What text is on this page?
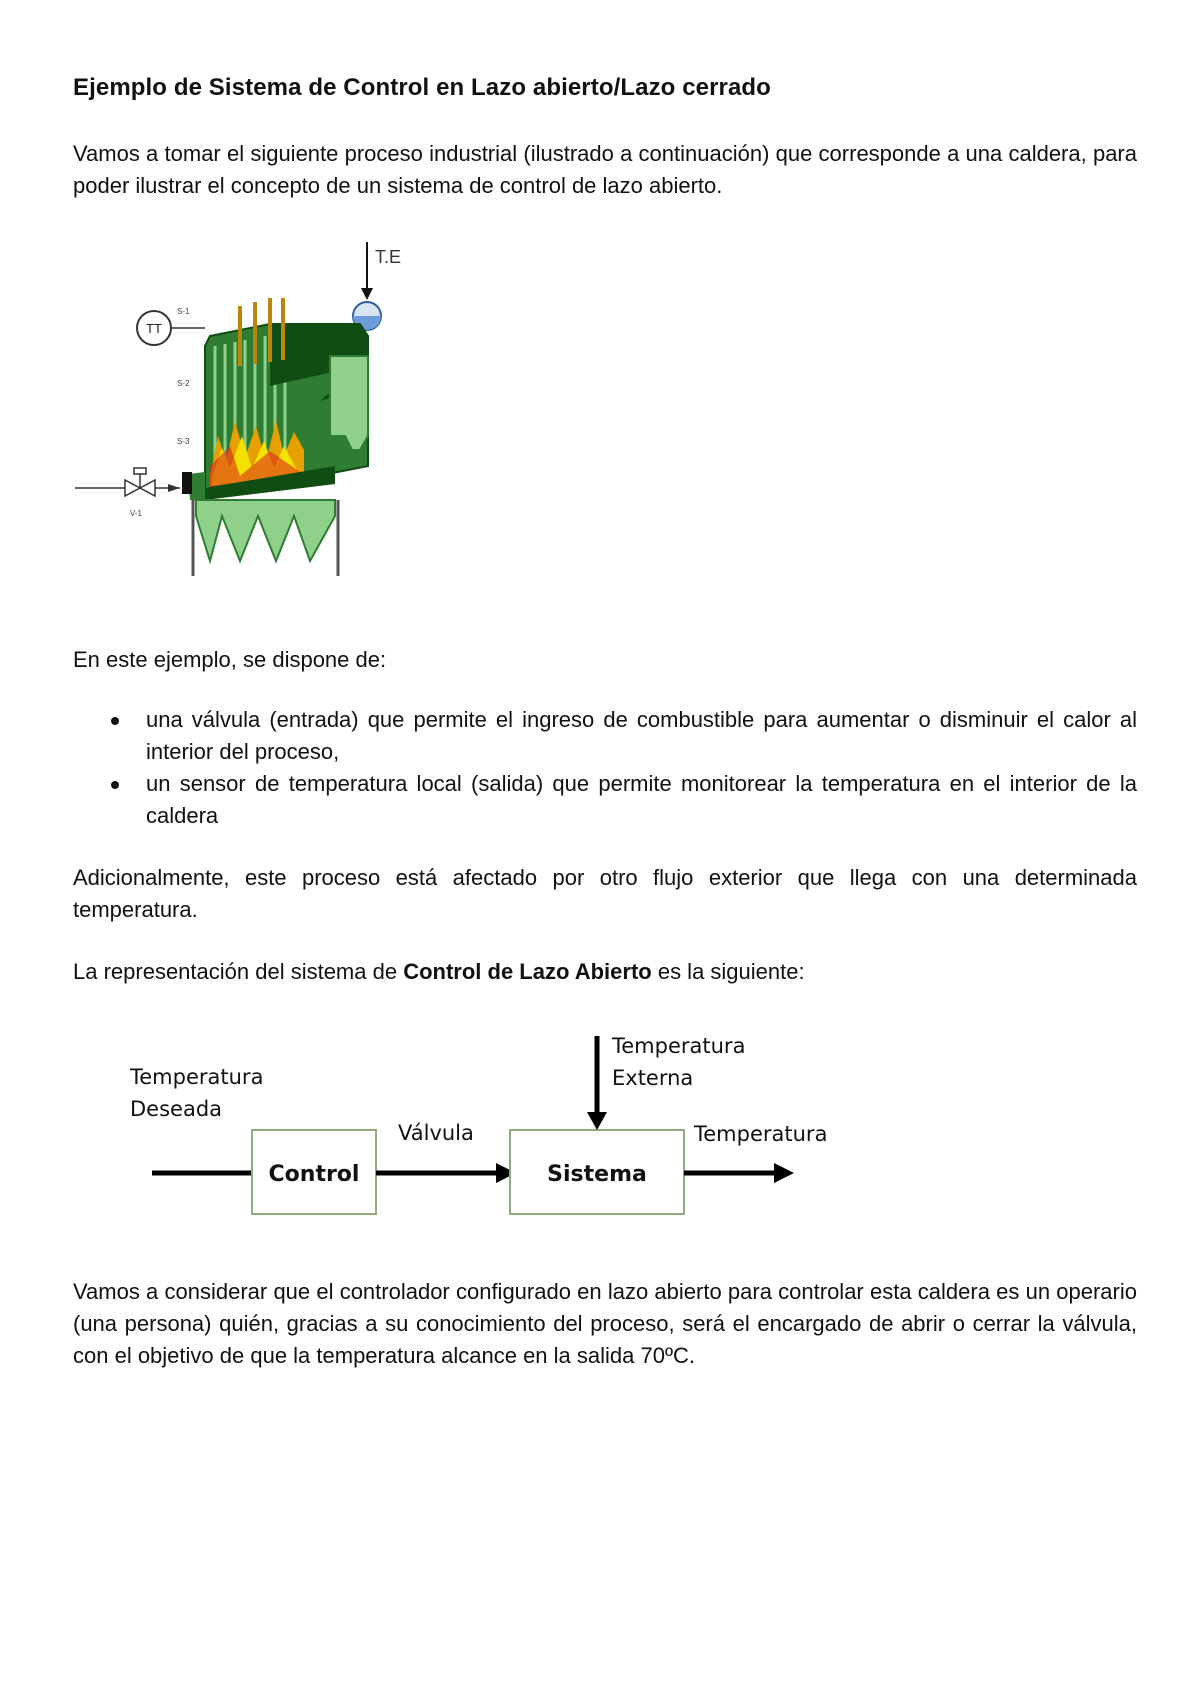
Ejemplo de Sistema de Control en Lazo abierto/Lazo cerrado
Vamos a tomar el siguiente proceso industrial (ilustrado a continuación) que corresponde a una caldera, para poder ilustrar el concepto de un sistema de control de lazo abierto.
T.E
TT
S-1
S-2
S-3
V-1
En este ejemplo, se dispone de:
una válvula (entrada) que permite el ingreso de combustible para aumentar o disminuir el calor al interior del proceso,
un sensor de temperatura local (salida) que permite monitorear la temperatura en el interior de la caldera
Adicionalmente, este proceso está afectado por otro flujo exterior que llega con una determinada temperatura.
La representación del sistema de Control de Lazo Abierto es la siguiente:
Temperatura
Deseada
Control
Válvula
Sistema
Temperatura
Externa
Temperatura
Vamos a considerar que el controlador configurado en lazo abierto para controlar esta caldera es un operario (una persona) quién, gracias a su conocimiento del proceso, será el encargado de abrir o cerrar la válvula, con el objetivo de que la temperatura alcance en la salida 70ºC.
